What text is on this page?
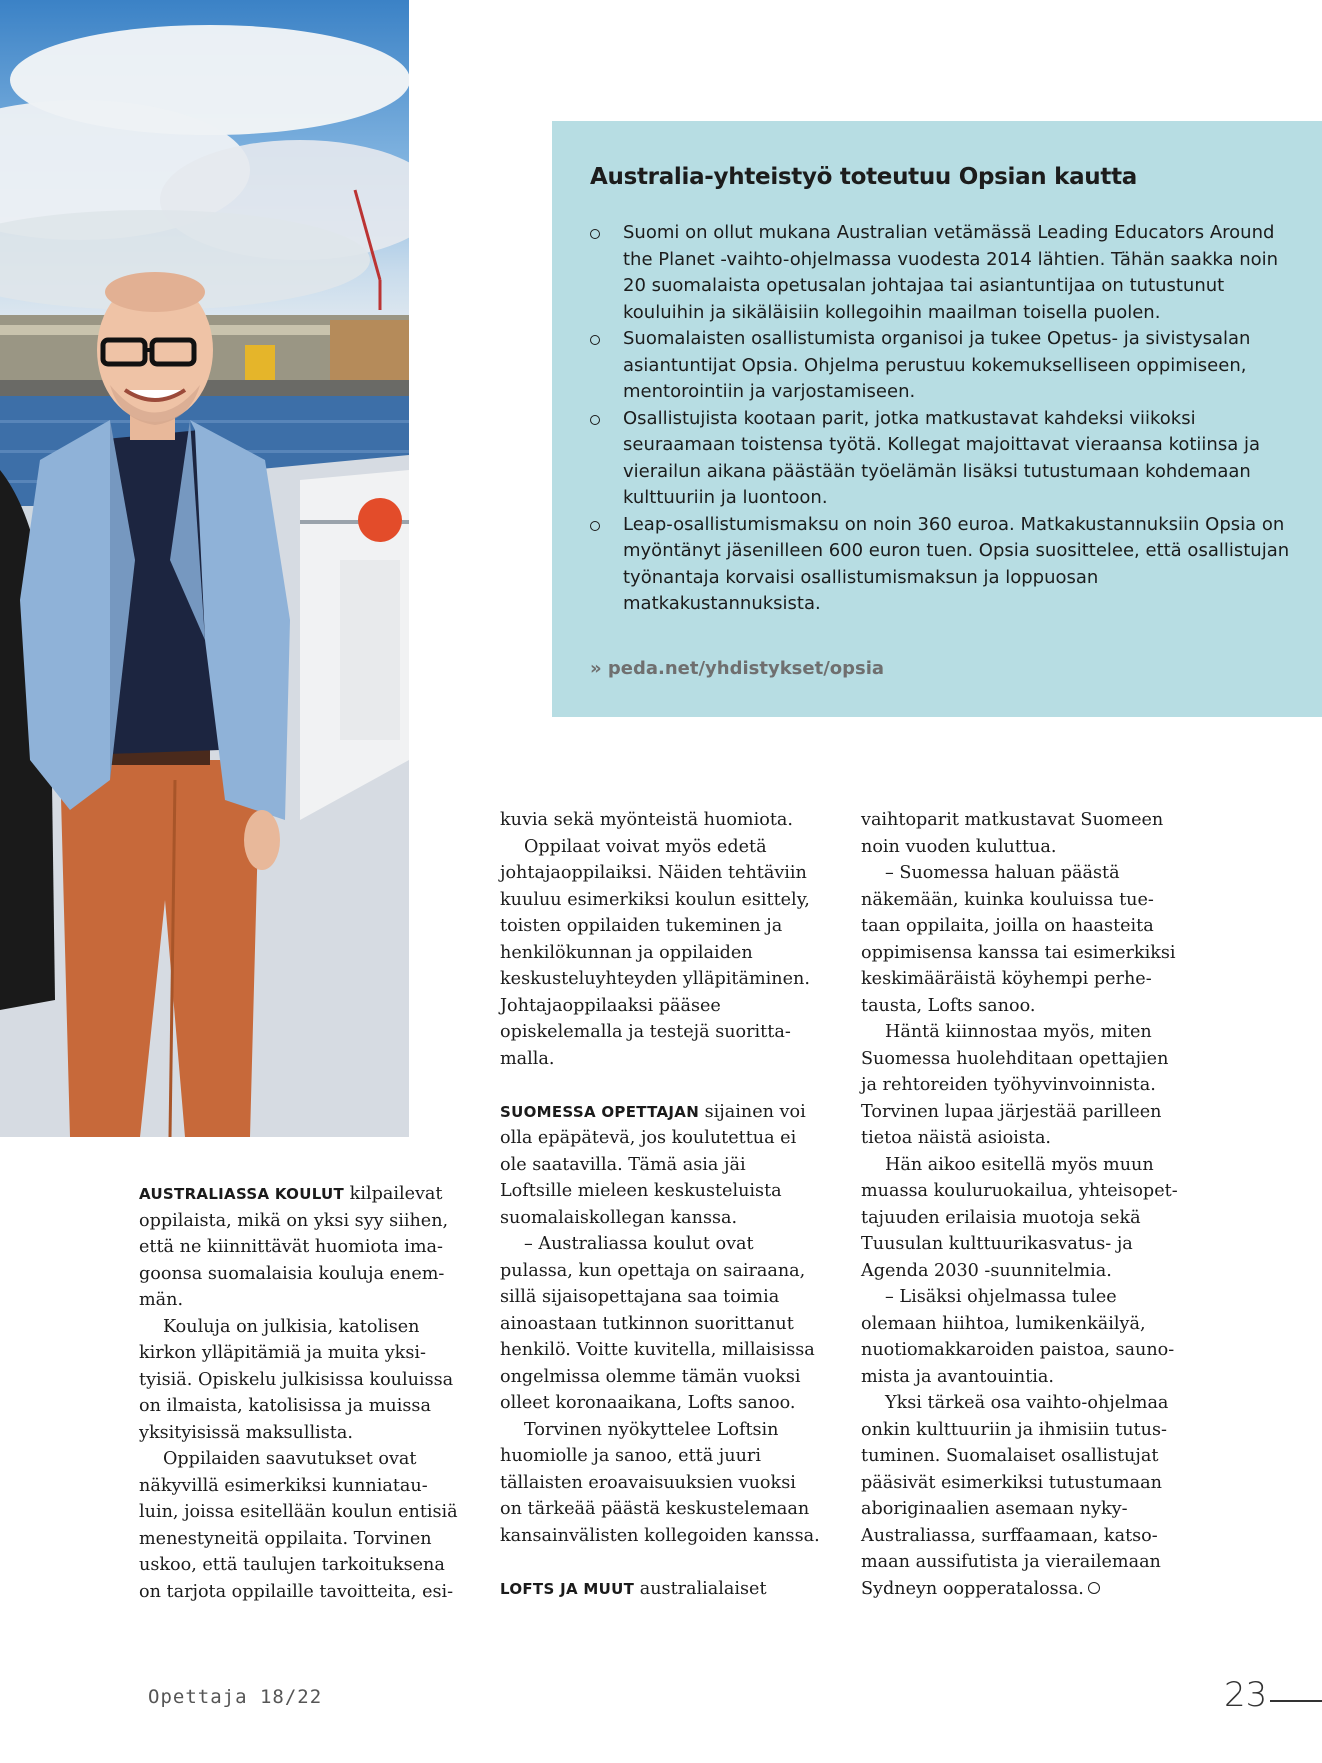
Australia-yhteistyö toteutuu Opsian kautta
Suomi on ollut mukana Australian vetämässä Leading Educators Around the Planet -vaihto-ohjelmassa vuodesta 2014 lähtien. Tähän saakka noin 20 suomalaista opetusalan johtajaa tai asiantuntijaa on tutustunut kouluihin ja sikäläisiin kollegoihin maailman toisella puolen.
Suomalaisten osallistumista organisoi ja tukee Opetus- ja sivistysalan asiantuntijat Opsia. Ohjelma perustuu kokemukselliseen oppimiseen, mentorointiin ja varjostamiseen.
Osallistujista kootaan parit, jotka matkustavat kahdeksi viikoksi seuraamaan toistensa työtä. Kollegat majoittavat vieraansa kotiinsa ja vierailun aikana päästään työelämän lisäksi tutustumaan kohdemaan kulttuuriin ja luontoon.
Leap-osallistumismaksu on noin 360 euroa. Matkakustannuksiin Opsia on myöntänyt jäsenilleen 600 euron tuen. Opsia suosittelee, että osallistujan työnantaja korvaisi osallistumismaksun ja loppuosan matkakustannuksista.
» peda.net/yhdistykset/opsia

AUSTRALIASSA KOULUT kilpailevat oppilaista, mikä on yksi syy siihen, että ne kiinnittävät huomiota imagoonsa suomalaisia kouluja enemmän.

Kouluja on julkisia, katolisen kirkon ylläpitämiä ja muita yksityisiä. Opiskelu julkisissa kouluissa on ilmaista, katolisissa ja muissa yksityisissä maksullista.

Oppilaiden saavutukset ovat näkyvillä esimerkiksi kunniatauluin, joissa esitellään koulun entisiä menestyneitä oppilaita. Torvinen uskoo, että taulujen tarkoituksena on tarjota oppilaille tavoitteita, esi-

kuvia sekä myönteistä huomiota.

Oppilaat voivat myös edetä johtajaoppilaiksi. Näiden tehtäviin kuuluu esimerkiksi koulun esittely, toisten oppilaiden tukeminen ja henkilökunnan ja oppilaiden keskusteluyhteyden ylläpitäminen. Johtajaoppilaaksi pääsee opiskelemalla ja testejä suorittamalla.

SUOMESSA OPETTAJAN sijainen voi olla epäpätevä, jos koulutettua ei ole saatavilla. Tämä asia jäi Loftsille mieleen keskusteluista suomalaiskollegan kanssa.

– Australiassa koulut ovat pulassa, kun opettaja on sairaana, sillä sijaisopettajana saa toimia ainoastaan tutkinnon suorittanut henkilö. Voitte kuvitella, millaisissa ongelmissa olemme tämän vuoksi olleet koronaaikana, Lofts sanoo.

Torvinen nyökyttelee Loftsin huomiolle ja sanoo, että juuri tällaisten eroavaisuuksien vuoksi on tärkeää päästä keskustelemaan kansainvälisten kollegoiden kanssa.

LOFTS JA MUUT australialaiset

vaihtoparit matkustavat Suomeen noin vuoden kuluttua.

– Suomessa haluan päästä näkemään, kuinka kouluissa tuetaan oppilaita, joilla on haasteita oppimisensa kanssa tai esimerkiksi keskimääräistä köyhempi perhetausta, Lofts sanoo.

Häntä kiinnostaa myös, miten Suomessa huolehditaan opettajien ja rehtoreiden työhyvinvoinnista. Torvinen lupaa järjestää parilleen tietoa näistä asioista.

Hän aikoo esitellä myös muun muassa kouluruokailua, yhteisopettajuuden erilaisia muotoja sekä Tuusulan kulttuurikasvatus- ja Agenda 2030 -suunnitelmia.

– Lisäksi ohjelmassa tulee olemaan hiihtoa, lumikenkäilyä, nuotiomakkaroiden paistoa, saunomista ja avantouintia.

Yksi tärkeä osa vaihto-ohjelmaa onkin kulttuuriin ja ihmisiin tutustuminen. Suomalaiset osallistujat pääsivät esimerkiksi tutustumaan aboriginaalien asemaan nykyAustraliassa, surffaamaan, katsomaan aussifutista ja vierailemaan Sydneyn oopperatalossa.

Opettaja 18/22	23
